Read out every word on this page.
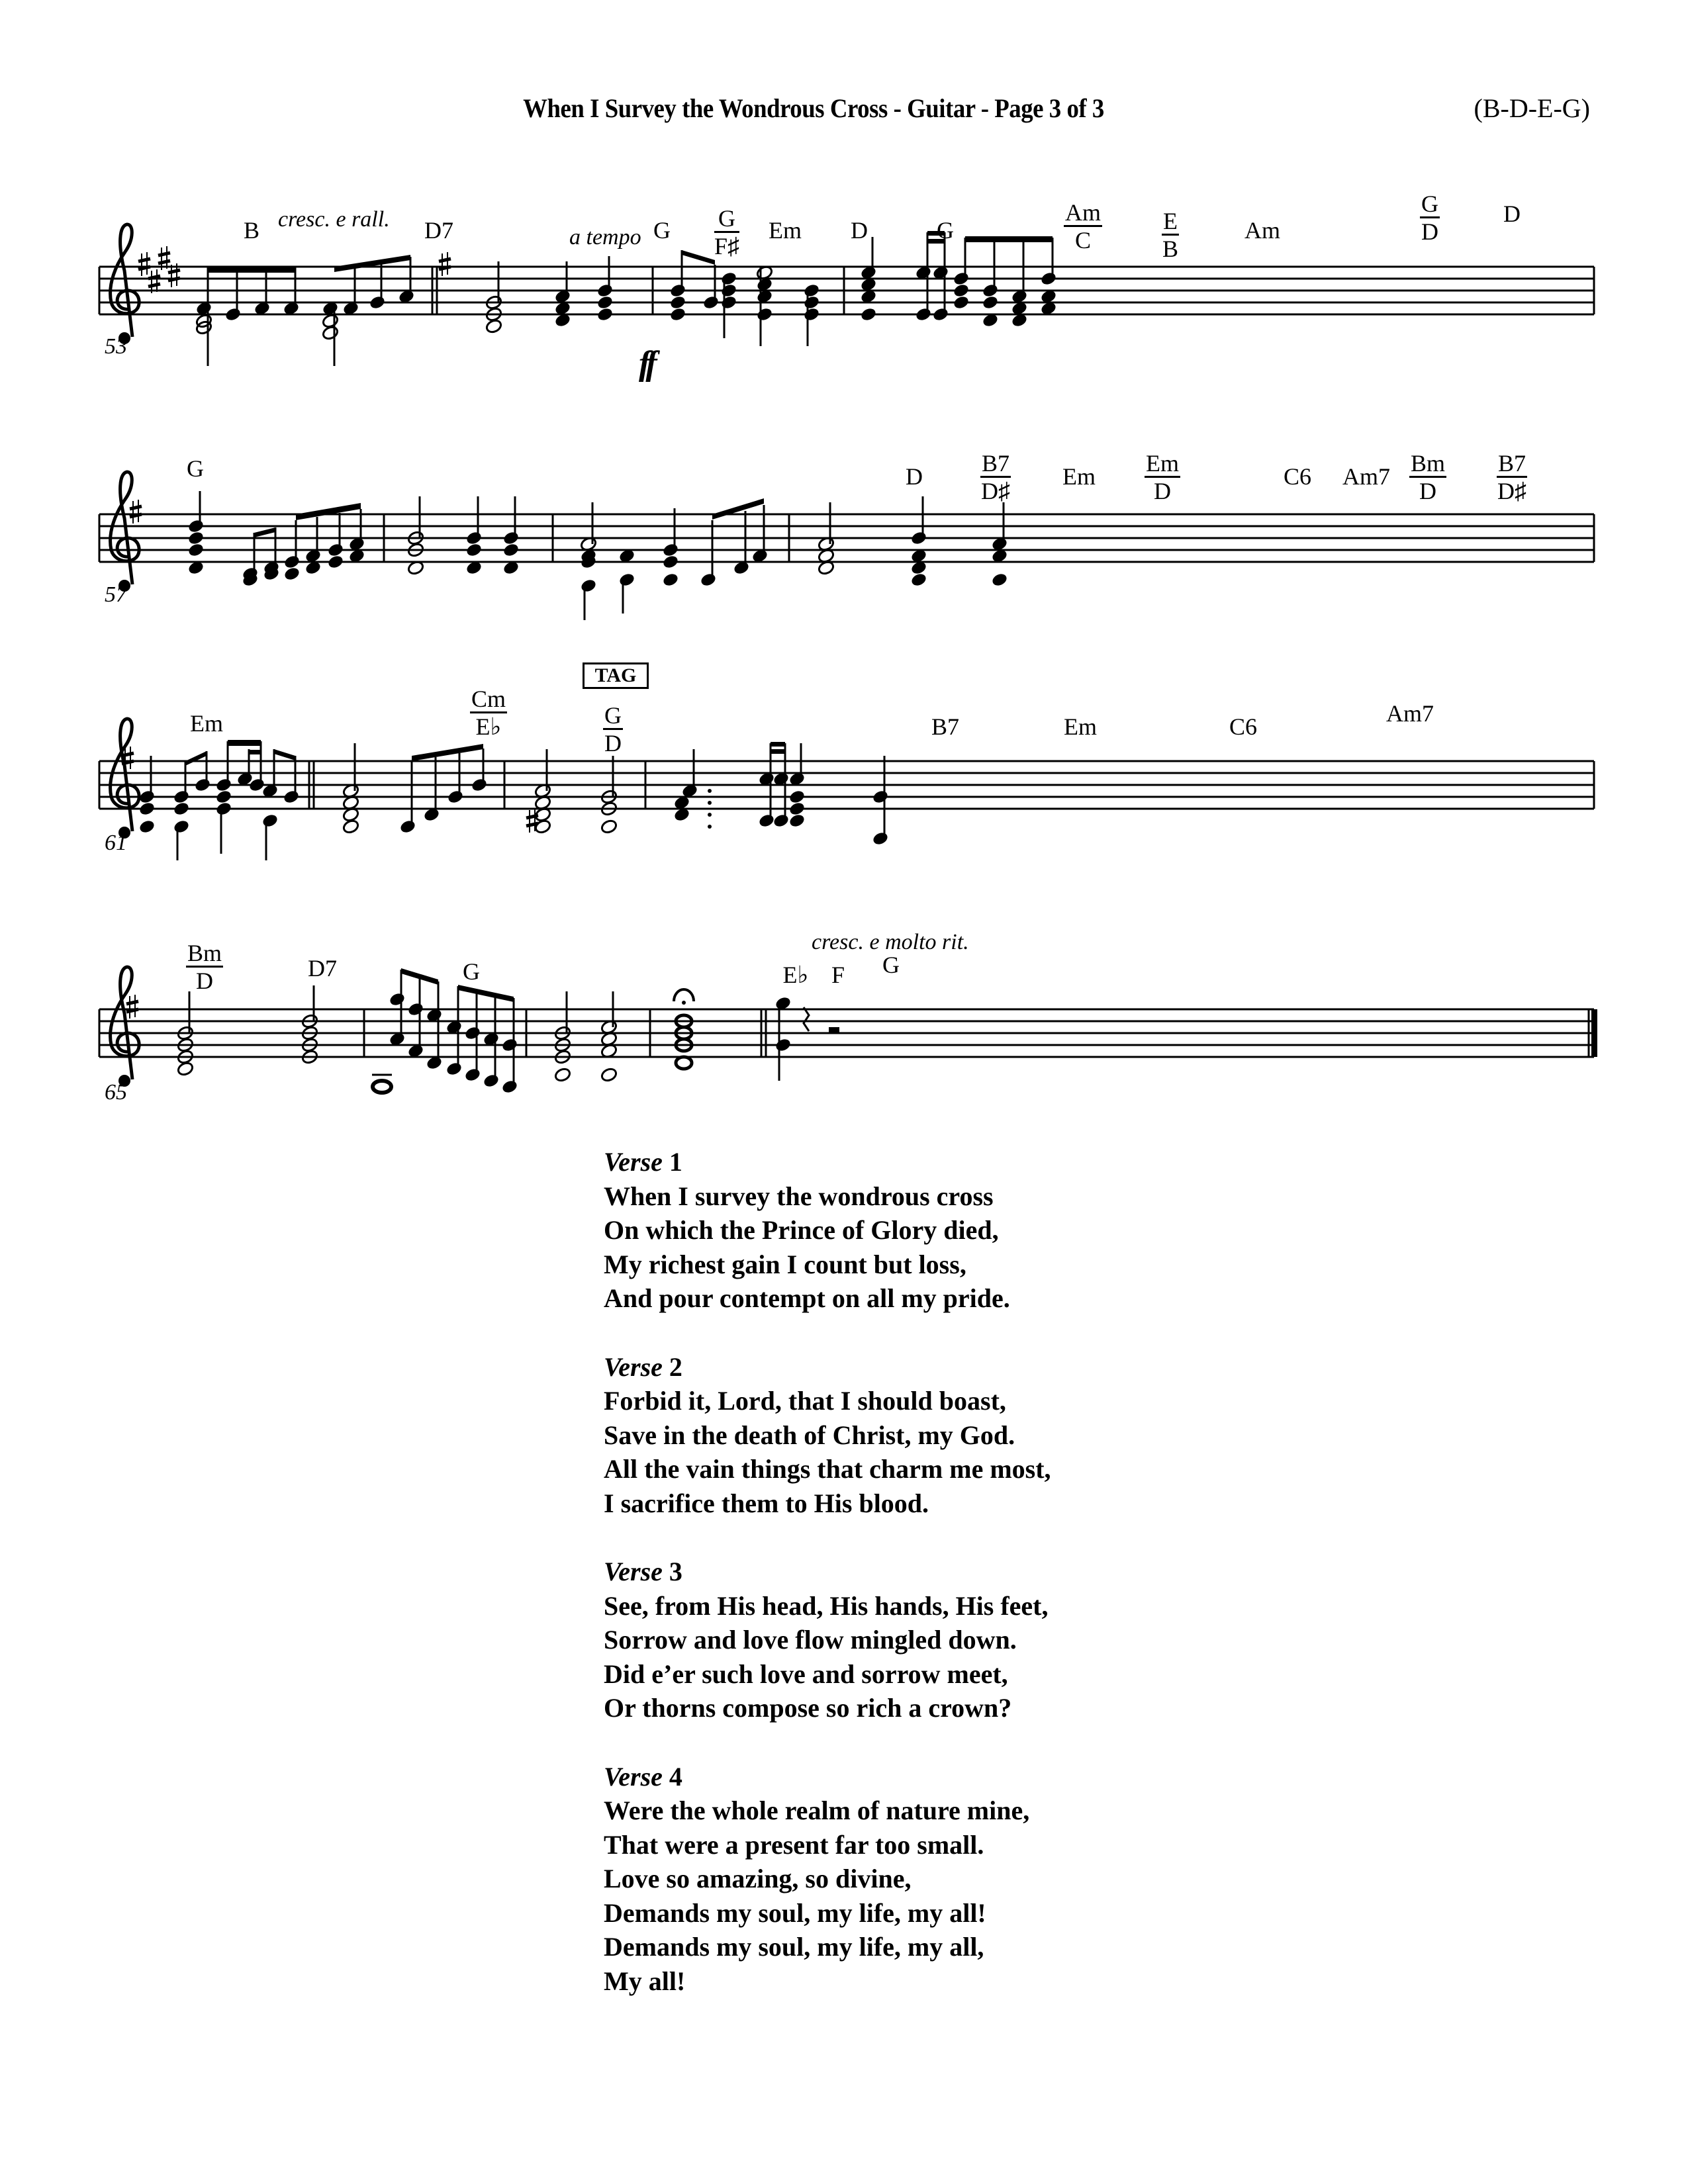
When I Survey the Wondrous Cross - Guitar - Page 3 of 3	(B-D-E-G)
53
B	D7	G $\frac{G}{F♯}$ Em D	G	$\frac{Am}{C}$	$\frac{E}{B}$	Am	$\frac{G}{D}$	D
cresc. e rall.
a tempo
ff
57
G	D $\frac{B7}{D♯}$ Em $\frac{Em}{D}$	C6 $Am7 \frac{Bm}{D} \frac{B7}{D♯}$
61
Em	$\frac{Cm}{E♭}$
TAG
$\frac{G}{D}$	B7	Em	C6	Am7
65
$\frac{Bm}{D}$	D7	G	E♭ F G
cresc. e molto rit.
Verse 1
When I survey the wondrous cross
On which the Prince of Glory died,
My richest gain I count but loss,
And pour contempt on all my pride.
Verse 2
Forbid it, Lord, that I should boast,
Save in the death of Christ, my God.
All the vain things that charm me most,
I sacrifice them to His blood.
Verse 3
See, from His head, His hands, His feet,
Sorrow and love flow mingled down.
Did e’er such love and sorrow meet,
Or thorns compose so rich a crown?
Verse 4
Were the whole realm of nature mine,
That were a present far too small.
Love so amazing, so divine,
Demands my soul, my life, my all!
Demands my soul, my life, my all,
My all!
